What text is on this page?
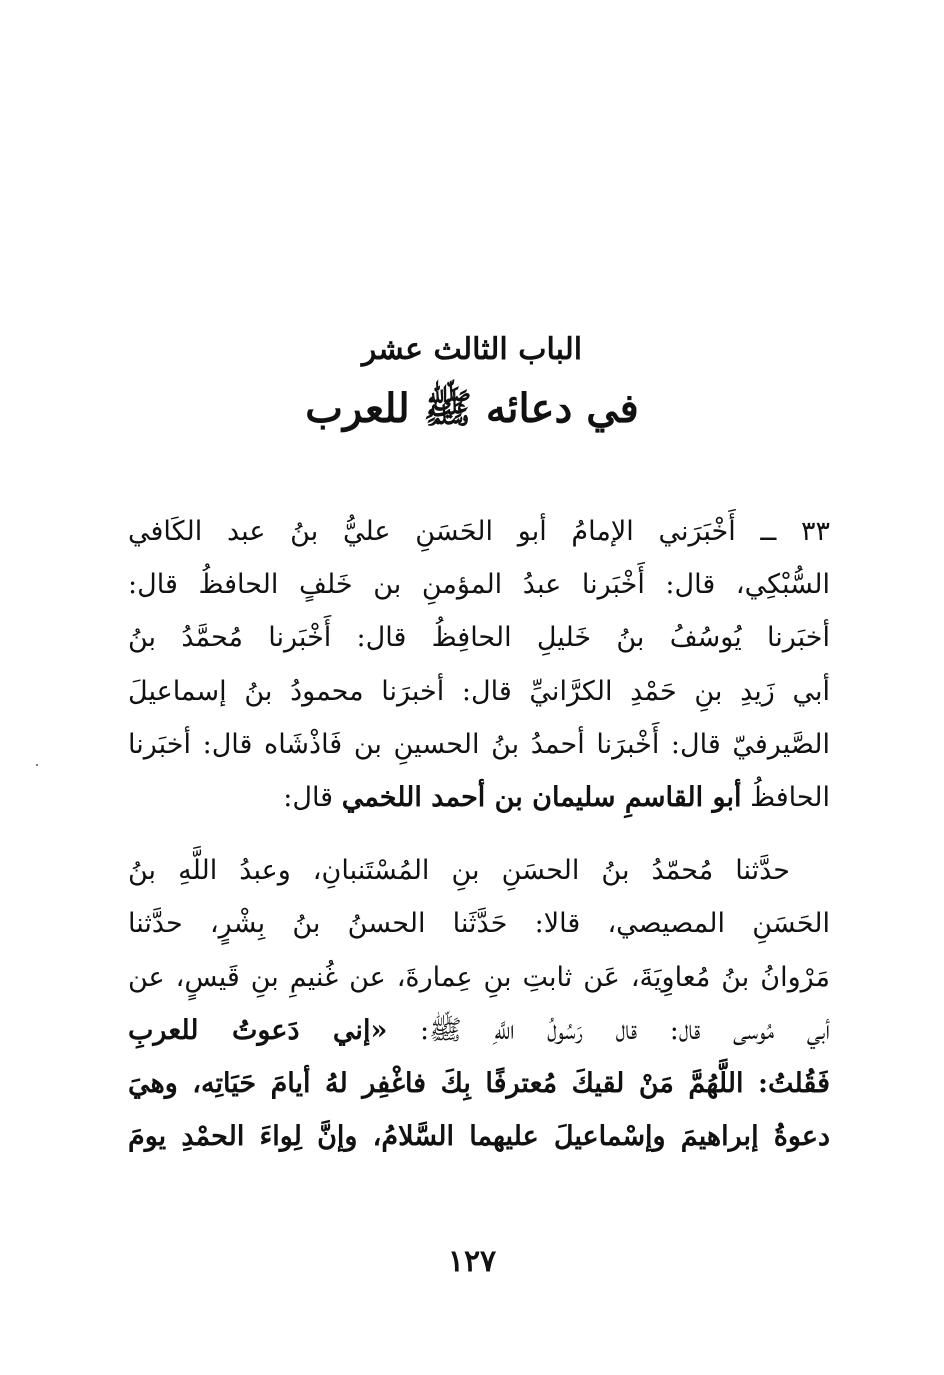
الباب الثالث عشر
في دعائه ﷺ للعرب
٣٣ ــ أَخْبَرَني الإمامُ أبو الحَسَنِ عليُّ بنُ عبد الكَافي
السُّبْكِي، قال: أَخْبَرنا عبدُ المؤمنِ بن خَلفٍ الحافظُ قال:
أخبَرنا يُوسُفُ بنُ خَليلِ الحافِظُ قال: أَخْبَرنا مُحمَّدُ بنُ
أبي زَيدِ بنِ حَمْدِ الكرَّانيِّ قال: أخبرَنا محمودُ بنُ إسماعيلَ
الصَّيرفيّ قال: أَخْبرَنا أحمدُ بنُ الحسينِ بن فَاذْشَاه قال: أخبَرنا
الحافظُ أبو القاسمِ سليمان بن أحمد اللخمي قال:
حدَّثنا مُحمّدُ بنُ الحسَنِ بنِ المُسْتَنبانِ، وعبدُ اللَّهِ بنُ
الحَسَنِ المصيصي، قالا: حَدَّثَنا الحسنُ بنُ بِشْرٍ، حدَّثنا
مَرْوانُ بنُ مُعاوِيَةَ، عَن ثابتِ بنِ عِمارةَ، عن غُنيمِ بنِ قَيسٍ، عن
أبي مُوسى قال: قال رَسُولُ اللَّهِ ﷺ: «إني دَعوتُ للعربِ
فَقُلتُ: اللَّهُمَّ مَنْ لقيكَ مُعترفًا بِكَ فاغْفِر لهُ أيامَ حَيَاتِه، وهيَ
دعوةُ إبراهيمَ وإسْماعيلَ عليهما السَّلامُ، وإنَّ لِواءَ الحمْدِ يومَ
١٢٧
